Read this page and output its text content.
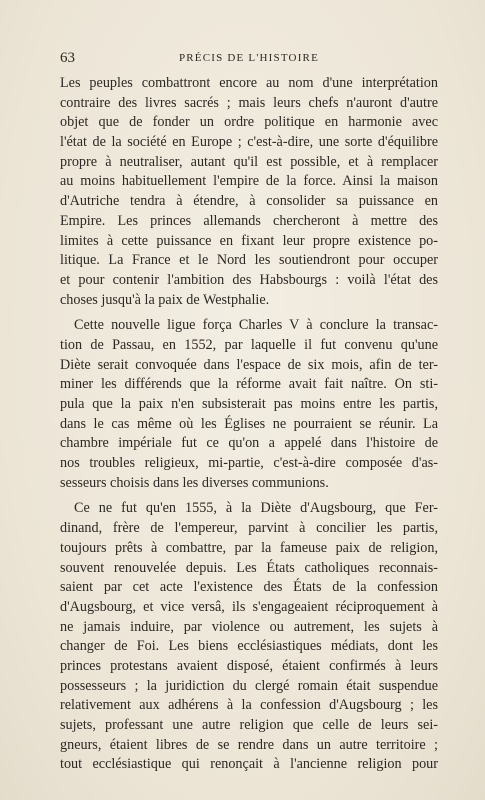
6​3	PRÉCIS DE L'HISTOIRE
Les peuples combattront encore au nom d'une interprétation
contraire des livres sacrés ; mais leurs chefs n'auront d'autre
objet que de fonder un ordre politique en harmonie avec
l'état de la société en Europe ; c'est-à-dire, une sorte d'équilibre
propre à neutraliser, autant qu'il est possible, et à remplacer
au moins habituellement l'empire de la force. Ainsi la maison
d'Autriche tendra à étendre, à consolider sa puissance en
Empire. Les princes allemands chercheront à mettre des
limites à cette puissance en fixant leur propre existence po-
litique. La France et le Nord les soutiendront pour occuper
et pour contenir l'ambition des Habsbourgs : voilà l'état des
choses jusqu'à la paix de Westphalie.
Cette nouvelle ligue força Charles V à conclure la transac-
tion de Passau, en 1552, par laquelle il fut convenu qu'une
Diète serait convoquée dans l'espace de six mois, afin de ter-
miner les différends que la réforme avait fait naître. On sti-
pula que la paix n'en subsisterait pas moins entre les partis,
dans le cas même où les Églises ne pourraient se réunir. La
chambre impériale fut ce qu'on a appelé dans l'histoire de
nos troubles religieux, mi-partie, c'est-à-dire composée d'as-
sesseurs choisis dans les diverses communions.
Ce ne fut qu'en 1555, à la Diète d'Augsbourg, que Fer-
dinand, frère de l'empereur, parvint à concilier les partis,
toujours prêts à combattre, par la fameuse paix de religion,
souvent renouvelée depuis. Les États catholiques reconnais-
saient par cet acte l'existence des États de la confession
d'Augsbourg, et vice versâ, ils s'engageaient réciproquement à
ne jamais induire, par violence ou autrement, les sujets à
changer de Foi. Les biens ecclésiastiques médiats, dont les
princes protestans avaient disposé, étaient confirmés à leurs
possesseurs ; la juridiction du clergé romain était suspendue
relativement aux adhérens à la confession d'Augsbourg ; les
sujets, professant une autre religion que celle de leurs sei-
gneurs, étaient libres de se rendre dans un autre territoire ;
tout ecclésiastique qui renonçait à l'ancienne religion pour
